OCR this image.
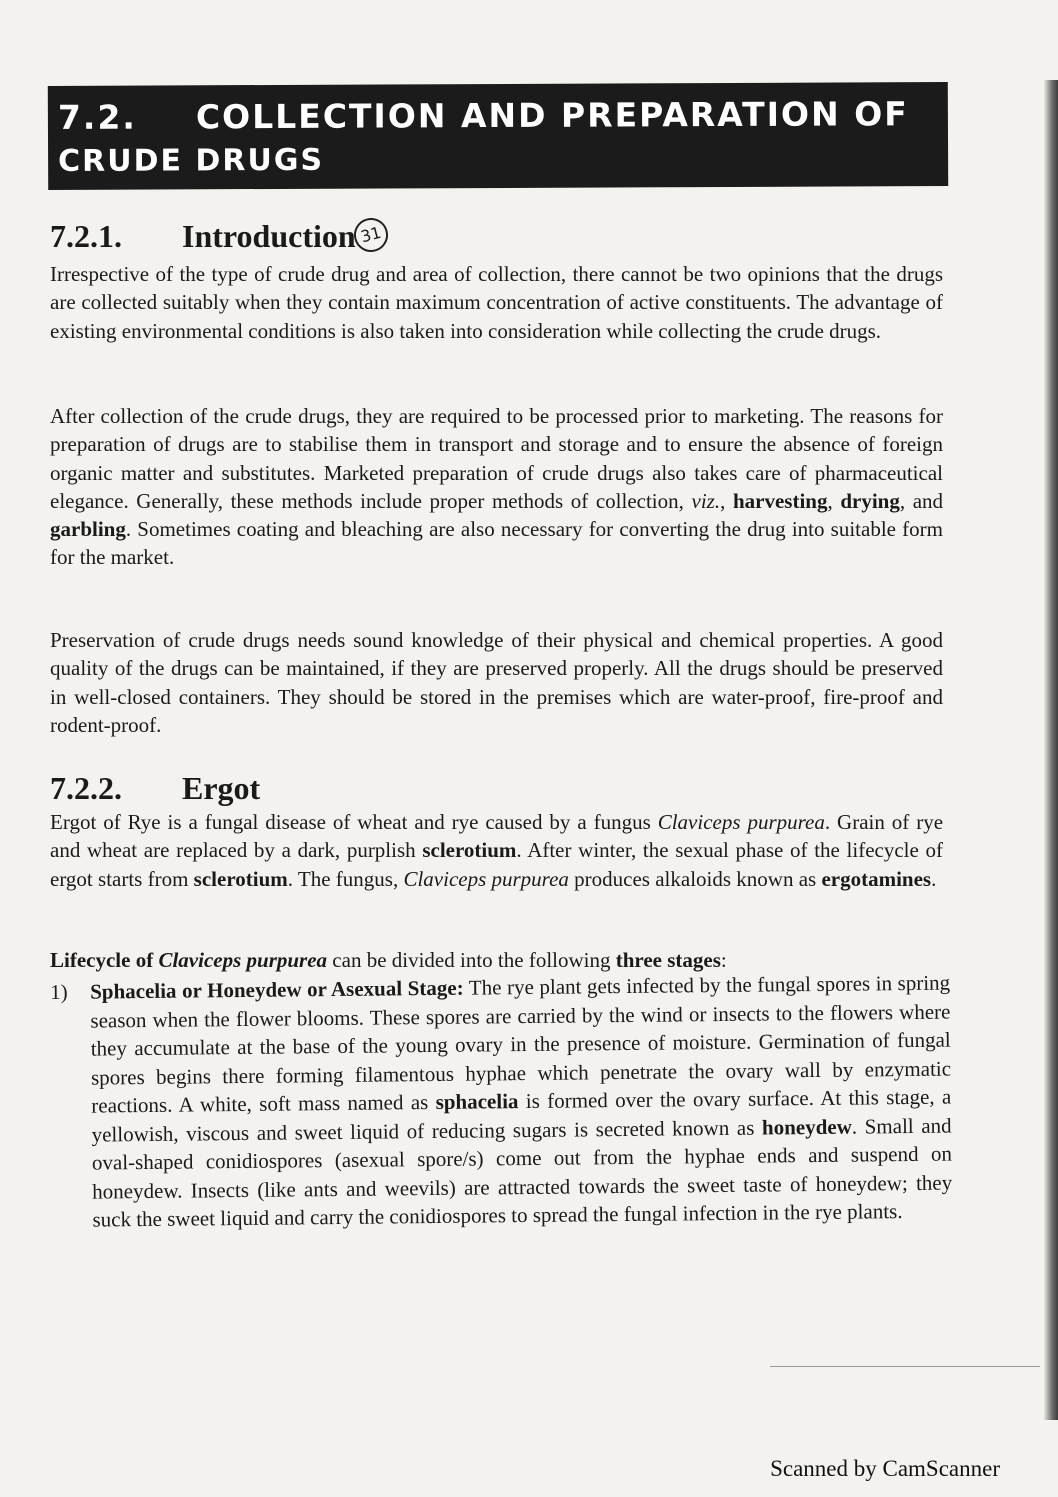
7.2. COLLECTION AND PREPARATION OF
CRUDE DRUGS
7.2.1. Introduction 31
Irrespective of the type of crude drug and area of collection, there cannot be two opinions that the drugs are collected suitably when they contain maximum concentration of active constituents. The advantage of existing environmental conditions is also taken into consideration while collecting the crude drugs.
After collection of the crude drugs, they are required to be processed prior to marketing. The reasons for preparation of drugs are to stabilise them in transport and storage and to ensure the absence of foreign organic matter and substitutes. Marketed preparation of crude drugs also takes care of pharmaceutical elegance. Generally, these methods include proper methods of collection, viz., harvesting, drying, and garbling. Sometimes coating and bleaching are also necessary for converting the drug into suitable form for the market.
Preservation of crude drugs needs sound knowledge of their physical and chemical properties. A good quality of the drugs can be maintained, if they are preserved properly. All the drugs should be preserved in well-closed containers. They should be stored in the premises which are water-proof, fire-proof and rodent-proof.
7.2.2. Ergot
Ergot of Rye is a fungal disease of wheat and rye caused by a fungus Claviceps purpurea. Grain of rye and wheat are replaced by a dark, purplish sclerotium. After winter, the sexual phase of the lifecycle of ergot starts from sclerotium. The fungus, Claviceps purpurea produces alkaloids known as ergotamines.
Lifecycle of Claviceps purpurea can be divided into the following three stages:
1) Sphacelia or Honeydew or Asexual Stage: The rye plant gets infected by the fungal spores in spring season when the flower blooms. These spores are carried by the wind or insects to the flowers where they accumulate at the base of the young ovary in the presence of moisture. Germination of fungal spores begins there forming filamentous hyphae which penetrate the ovary wall by enzymatic reactions. A white, soft mass named as sphacelia is formed over the ovary surface. At this stage, a yellowish, viscous and sweet liquid of reducing sugars is secreted known as honeydew. Small and oval-shaped conidiospores (asexual spore/s) come out from the hyphae ends and suspend on honeydew. Insects (like ants and weevils) are attracted towards the sweet taste of honeydew; they suck the sweet liquid and carry the conidiospores to spread the fungal infection in the rye plants.
Scanned by CamScanner
